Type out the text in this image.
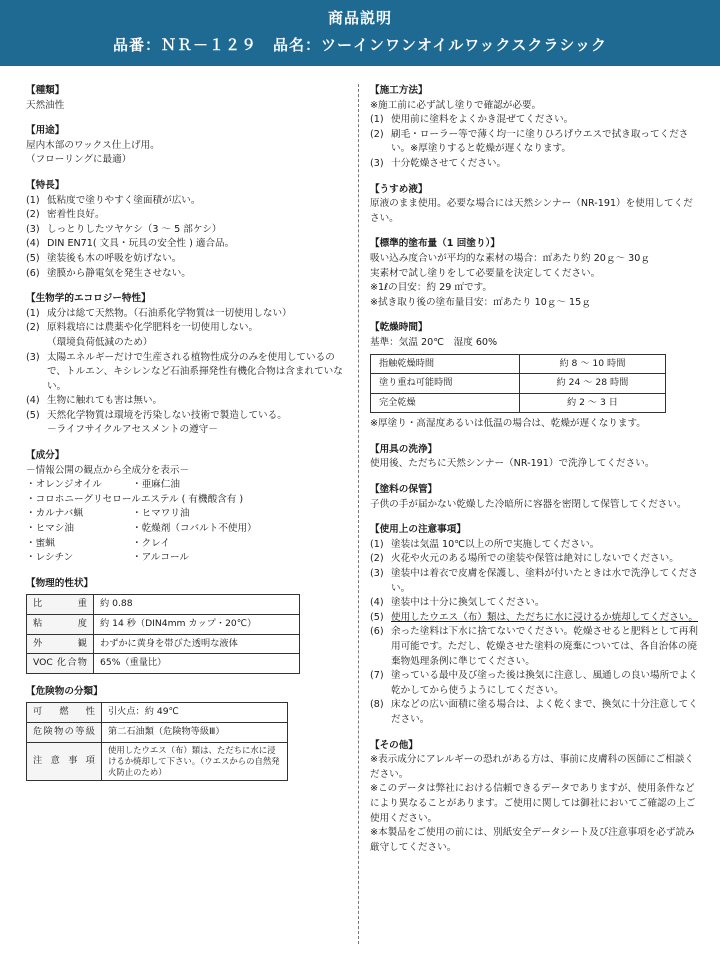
商品説明
品番：ＮＲ－１２９　品名：ツーインワンオイルワックスクラシック

【種類】

天然油性

【用途】

屋内木部のワックス仕上げ用。

（フローリングに最適）

【特長】

(1) 低粘度で塗りやすく塗面積が広い。
(2) 密着性良好。
(3) しっとりしたツヤケシ（3 ～ 5 部ケシ）
(4) DIN EN71( 文具・玩具の安全性 ) 適合品。
(5) 塗装後も木の呼吸を妨げない。
(6) 塗膜から静電気を発生させない。

【生物学的エコロジー特性】

(1) 成分は総て天然物。（石油系化学物質は一切使用しない）
(2) 原料栽培には農薬や化学肥料を一切使用しない。

（環境負荷低減のため）

(3) 太陽エネルギーだけで生産される植物性成分のみを使用しているので、トルエン、キシレンなど石油系揮発性有機化合物は含まれていない。
(4) 生物に触れても害は無い。
(5) 天然化学物質は環境を汚染しない技術で製造している。

－ライフサイクルアセスメントの遵守－

【成分】

－情報公開の観点から全成分を表示－

・オレンジオイル	・亜麻仁油

・コロホニーグリセロールエステル ( 有機酸含有 )

・カルナバ蝋	・ヒマワリ油
・ヒマシ油	・乾燥剤（コバルト不使用）
・蜜蝋	・クレイ
・レシチン	・アルコール

【物理的性状】

比　重	約 0.88
粘　度	約 14 秒（DIN4mm カップ・20℃）
外　観	わずかに黄身を帯びた透明な液体
VOC 化合物	65%（重量比）

【危険物の分類】

可　燃　性	引火点：約 49℃
危険物の等級	第二石油類（危険物等級Ⅲ）
注 意 事 項	使用したウエス（布）類は、ただちに水に浸けるか焼却して下さい。（ウエスからの自然発火防止のため）

【施工方法】

※施工前に必ず試し塗りで確認が必要。

(1) 使用前に塗料をよくかき混ぜてください。
(2) 刷毛・ローラー等で薄く均一に塗りひろげウエスで拭き取ってください。※厚塗りすると乾燥が遅くなります。
(3) 十分乾燥させてください。

【うすめ液】

原液のまま使用。必要な場合には天然シンナー（NR-191）を使用してください。

【標準的塗布量（1 回塗り）】

吸い込み度合いが平均的な素材の場合：㎡あたり約 20ｇ～ 30ｇ

実素材で試し塗りをして必要量を決定してください。

※1ℓの目安：約 29 ㎡です。

※拭き取り後の塗布量目安：㎡あたり 10ｇ～ 15ｇ

【乾燥時間】

基準：気温 20℃　湿度 60%

指触乾燥時間	約 8 ～ 10 時間
塗り重ね可能時間	約 24 ～ 28 時間
完全乾燥	約 2 ～ 3 日

※厚塗り・高湿度あるいは低温の場合は、乾燥が遅くなります。

【用具の洗浄】

使用後、ただちに天然シンナー（NR-191）で洗浄してください。

【塗料の保管】

子供の手が届かない乾燥した冷暗所に容器を密閉して保管してください。

【使用上の注意事項】

(1) 塗装は気温 10℃以上の所で実施してください。
(2) 火花や火元のある場所での塗装や保管は絶対にしないでください。
(3) 塗装中は着衣で皮膚を保護し、塗料が付いたときは水で洗浄してください。
(4) 塗装中は十分に換気してください。
(5) 使用したウエス（布）類は、ただちに水に浸けるか焼却してください。
(6) 余った塗料は下水に捨てないでください。乾燥させると肥料として再利用可能です。ただし、乾燥させた塗料の廃棄については、各自治体の廃棄物処理条例に準じてください。
(7) 塗っている最中及び塗った後は換気に注意し、風通しの良い場所でよく乾かしてから使うようにしてください。
(8) 床などの広い面積に塗る場合は、よく乾くまで、換気に十分注意してください。

【その他】

※表示成分にアレルギーの恐れがある方は、事前に皮膚科の医師にご相談ください。

※このデータは弊社における信頼できるデータでありますが、使用条件などにより異なることがあります。ご使用に関しては御社においてご確認の上ご使用ください。

※本製品をご使用の前には、別紙安全データシート及び注意事項を必ず読み厳守してください。
